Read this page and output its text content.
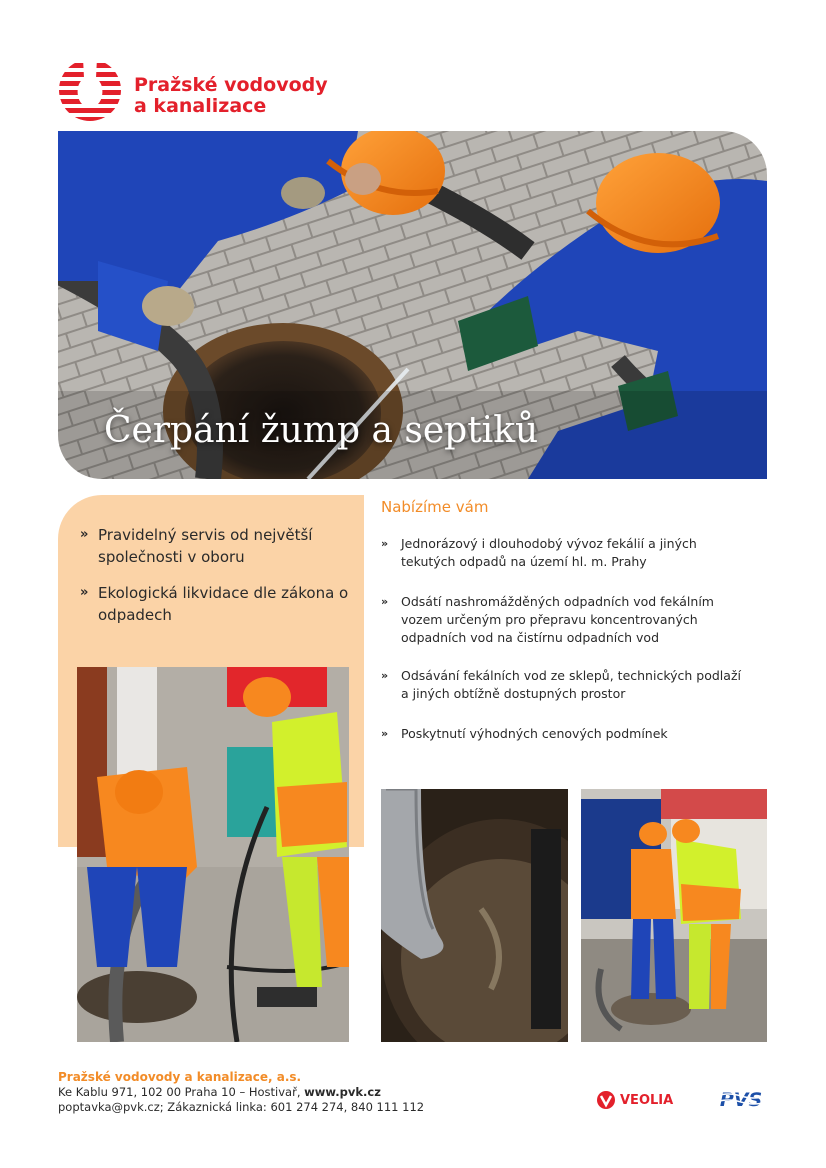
Pražské vodovody
a kanalizace
Čerpání žump a septiků
» Pravidelný servis od největší společnosti v oboru
» Ekologická likvidace dle zákona o odpadech
Nabízíme vám
»	Jednorázový i dlouhodobý vývoz fekálií a jiných tekutých odpadů na území hl. m. Prahy
»	Odsátí nashromážděných odpadních vod fekálním vozem určeným pro přepravu koncentrovaných odpadních vod na čistírnu odpadních vod
»	Odsávání fekálních vod ze sklepů, technických podlaží a jiných obtížně dostupných prostor
»	Poskytnutí výhodných cenových podmínek
Pražské vodovody a kanalizace, a.s.
Ke Kablu 971, 102 00 Praha 10 – Hostivař, www.pvk.cz
poptavka@pvk.cz; Zákaznická linka: 601 274 274, 840 111 112	VEOLIA PVS
